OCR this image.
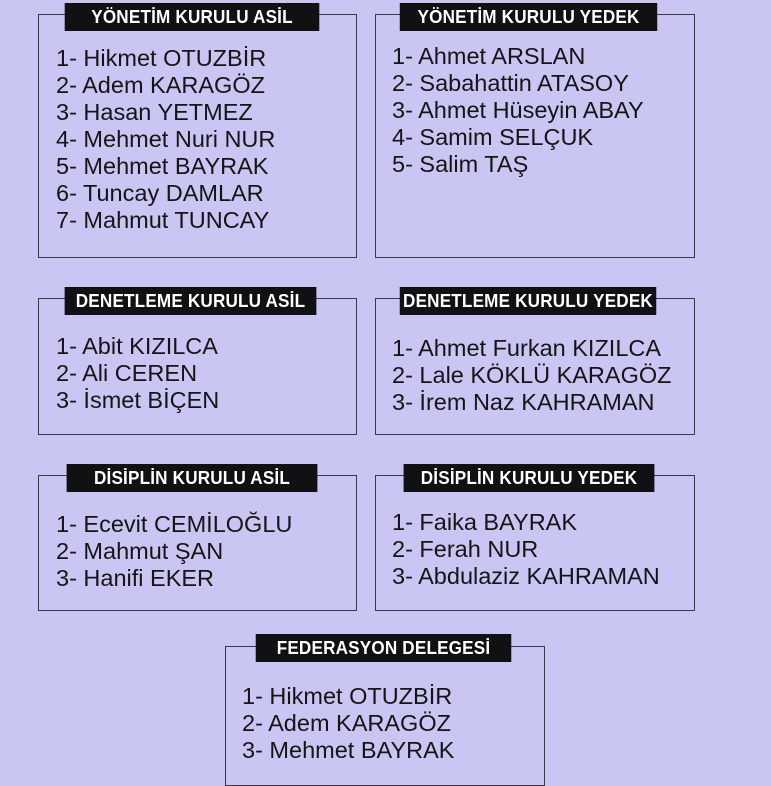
YÖNETİM KURULU ASİL
1- Hikmet OTUZBİR
2- Adem KARAGÖZ
3- Hasan YETMEZ
4- Mehmet Nuri NUR
5- Mehmet BAYRAK
6- Tuncay DAMLAR
7- Mahmut TUNCAY
YÖNETİM KURULU YEDEK
1- Ahmet ARSLAN
2- Sabahattin ATASOY
3- Ahmet Hüseyin ABAY
4- Samim SELÇUK
5- Salim TAŞ
DENETLEME KURULU ASİL
1- Abit KIZILCA
2- Ali CEREN
3- İsmet BİÇEN
DENETLEME KURULU YEDEK
1- Ahmet Furkan KIZILCA
2- Lale KÖKLÜ KARAGÖZ
3- İrem Naz KAHRAMAN
DİSİPLİN KURULU ASİL
1- Ecevit CEMİLOĞLU
2- Mahmut ŞAN
3- Hanifi EKER
DİSİPLİN KURULU YEDEK
1- Faika BAYRAK
2- Ferah NUR
3- Abdulaziz KAHRAMAN
FEDERASYON DELEGESİ
1- Hikmet OTUZBİR
2- Adem KARAGÖZ
3- Mehmet BAYRAK
